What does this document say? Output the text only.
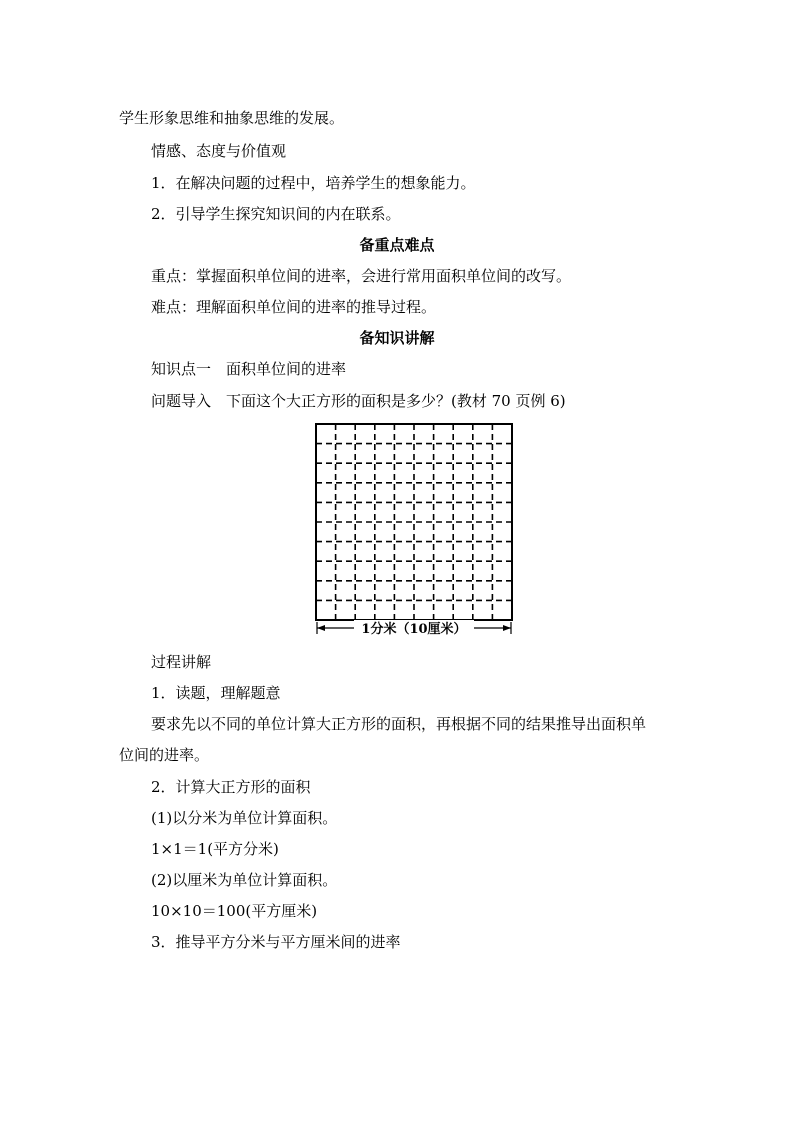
学生形象思维和抽象思维的发展。
情感、态度与价值观
1．在解决问题的过程中，培养学生的想象能力。
2．引导学生探究知识间的内在联系。
备重点难点
重点：掌握面积单位间的进率，会进行常用面积单位间的改写。
难点：理解面积单位间的进率的推导过程。
备知识讲解
知识点一　面积单位间的进率
问题导入　下面这个大正方形的面积是多少？(教材 70 页例 6)
1分米（10厘米）
过程讲解
1．读题，理解题意
要求先以不同的单位计算大正方形的面积，再根据不同的结果推导出面积单
位间的进率。
2．计算大正方形的面积
(1)以分米为单位计算面积。
1×1＝1(平方分米)
(2)以厘米为单位计算面积。
10×10＝100(平方厘米)
3．推导平方分米与平方厘米间的进率
